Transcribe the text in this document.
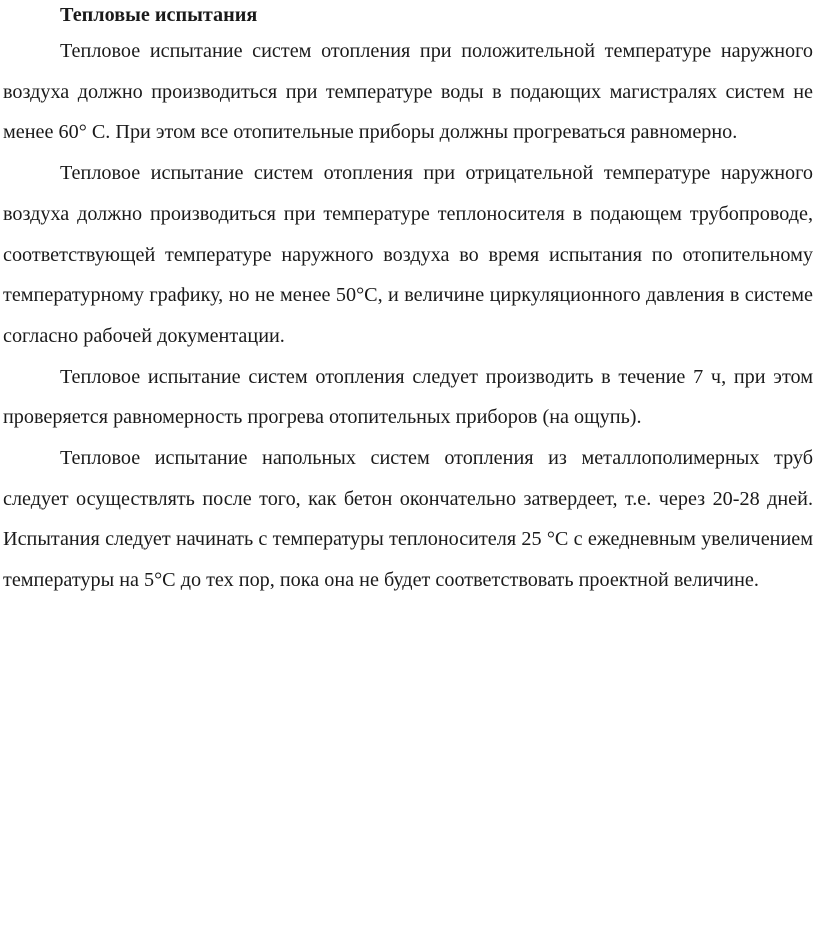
Тепловые испытания

Тепловое испытание систем отопления при положительной температуре наружного воздуха должно производиться при температуре воды в подающих магистралях систем не менее 60° С. При этом все отопительные приборы должны прогреваться равномерно.

Тепловое испытание систем отопления при отрицательной температуре наружного воздуха должно производиться при температуре теплоносителя в подающем трубопроводе, соответствующей температуре наружного воздуха во время испытания по отопительному температурному графику, но не менее 50°С, и величине циркуляционного давления в системе согласно рабочей документации.

Тепловое испытание систем отопления следует производить в течение 7 ч, при этом проверяется равномерность прогрева отопительных приборов (на ощупь).

Тепловое испытание напольных систем отопления из металлополимерных труб следует осуществлять после того, как бетон окончательно затвердеет, т.е. через 20-28 дней. Испытания следует начинать с температуры теплоносителя 25 °С с ежедневным увеличением температуры на 5°С до тех пор, пока она не будет соответствовать проектной величине.
